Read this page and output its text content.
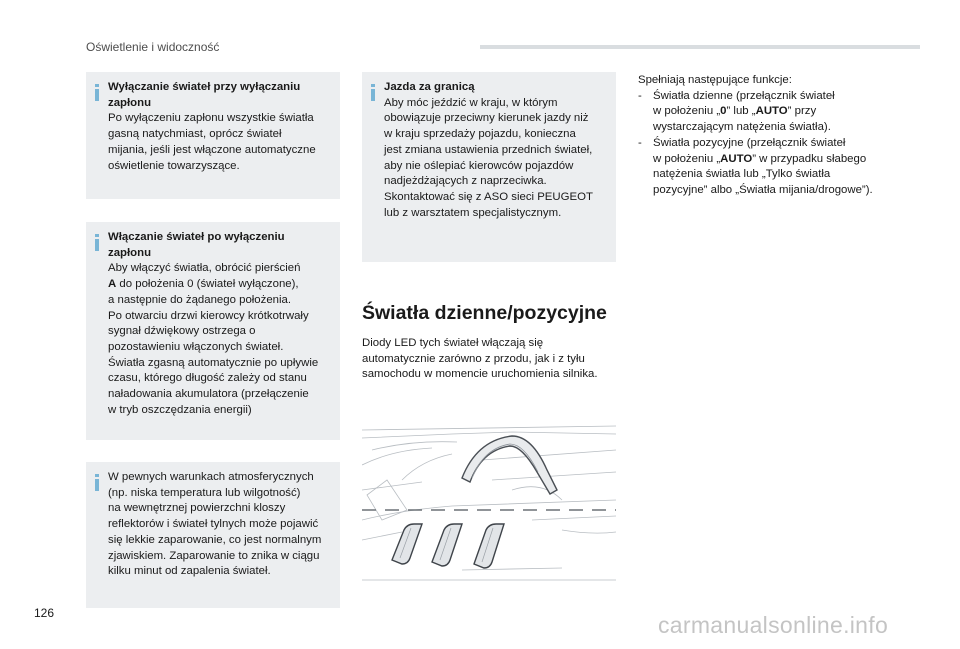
Oświetlenie i widoczność

Wyłączanie świateł przy wyłączaniu zapłonu

Po wyłączeniu zapłonu wszystkie światła

gasną natychmiast, oprócz świateł

mijania, jeśli jest włączone automatyczne

oświetlenie towarzyszące.

Włączanie świateł po wyłączeniu zapłonu

Aby włączyć światła, obrócić pierścień

A do położenia 0 (świateł wyłączone),

a następnie do żądanego położenia.

Po otwarciu drzwi kierowcy krótkotrwały

sygnał dźwiękowy ostrzega o

pozostawieniu włączonych świateł.

Światła zgasną automatycznie po upływie

czasu, którego długość zależy od stanu

naładowania akumulatora (przełączenie

w tryb oszczędzania energii)

W pewnych warunkach atmosferycznych

(np. niska temperatura lub wilgotność)

na wewnętrznej powierzchni kloszy

reflektorów i świateł tylnych może pojawić

się lekkie zaparowanie, co jest normalnym

zjawiskiem. Zaparowanie to znika w ciągu

kilku minut od zapalenia świateł.

Jazda za granicą

Aby móc jeździć w kraju, w którym

obowiązuje przeciwny kierunek jazdy niż

w kraju sprzedaży pojazdu, konieczna

jest zmiana ustawienia przednich świateł,

aby nie oślepiać kierowców pojazdów

nadjeżdżających z naprzeciwka.

Skontaktować się z ASO sieci PEUGEOT

lub z warsztatem specjalistycznym.

Światła dzienne/pozycyjne
Diody LED tych świateł włączają się
automatycznie zarówno z przodu, jak i z tyłu
samochodu w momencie uruchomienia silnika.
Spełniają następujące funkcje:
- Światła dzienne (przełącznik świateł
w położeniu „0” lub „AUTO” przy
wystarczającym natężenia światła).
- Światła pozycyjne (przełącznik świateł
w położeniu „AUTO” w przypadku słabego
natężenia światła lub „Tylko światła
pozycyjne” albo „Światła mijania/drogowe”).
126	carmanualsonline.info
